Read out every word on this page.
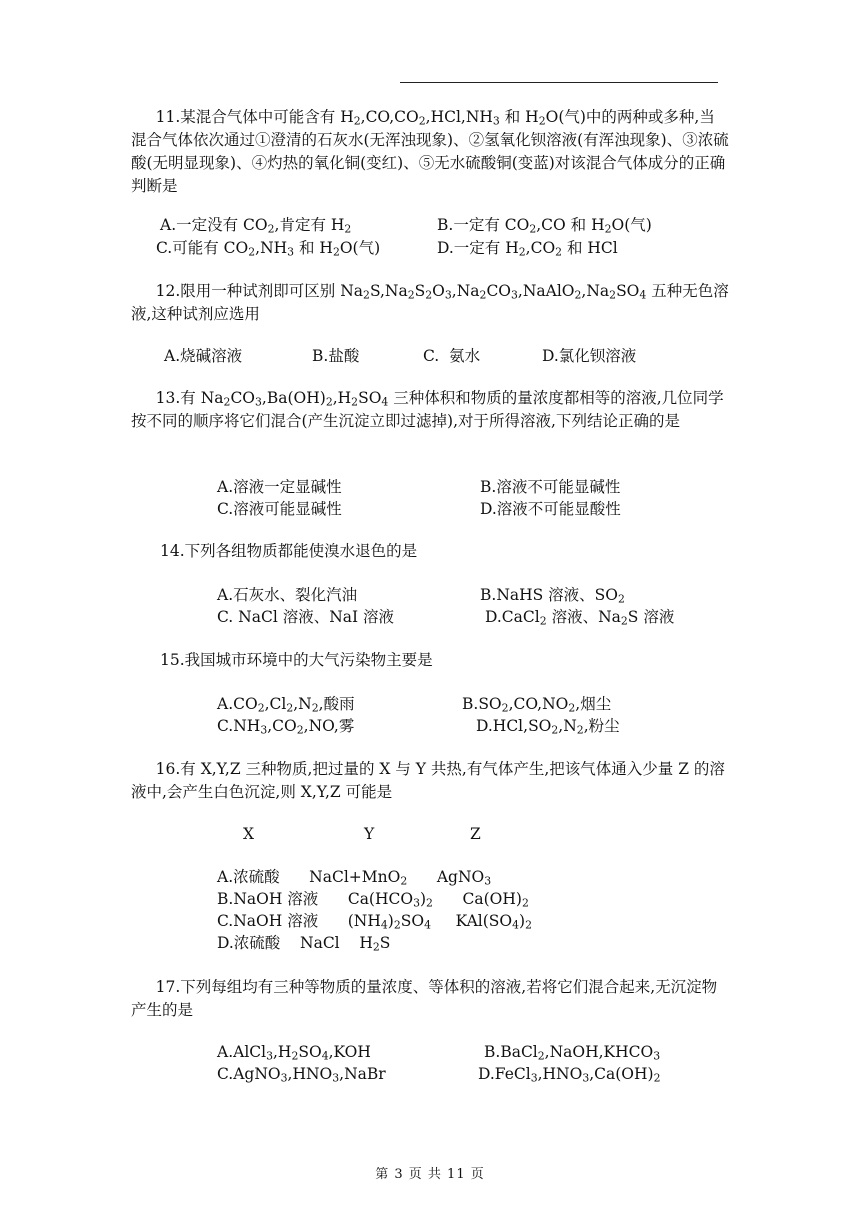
11.某混合气体中可能含有 $H_2,CO,CO_2,HCl,NH_3$ 和 $H_2O$(气)中的两种或多种,当混合气体依次通过①澄清的石灰水(无浑浊现象)、②氢氧化钡溶液(有浑浊现象)、③浓硫酸(无明显现象)、④灼热的氧化铜(变红)、⑤无水硫酸铜(变蓝)对该混合气体成分的正确判断是
A.一定没有 $CO_2$,肯定有 $H_2$	B.一定有 $CO_2,CO$ 和 $H_2O$(气)
C.可能有 $CO_2,NH_3$ 和 $H_2O$(气)	D.一定有 $H_2,CO_2$ 和 HCl
12.限用一种试剂即可区别 $Na_2S,Na_2S_2O_3,Na_2CO_3,NaAlO_2,Na_2SO_4$ 五种无色溶液,这种试剂应选用
A.烧碱溶液	B.盐酸	C.  氨水	D.氯化钡溶液
13.有 $Na_2CO_3,Ba(OH)_2,H_2SO_4$ 三种体积和物质的量浓度都相等的溶液,几位同学按不同的顺序将它们混合(产生沉淀立即过滤掉),对于所得溶液,下列结论正确的是
A.溶液一定显碱性	B.溶液不可能显碱性
C.溶液可能显碱性	D.溶液不可能显酸性
14.下列各组物质都能使溴水退色的是
A.石灰水、裂化汽油	B.NaHS 溶液、$SO_2$
C. NaCl 溶液、NaI 溶液	D.CaCl$_2$ 溶液、$Na_2S$ 溶液
15.我国城市环境中的大气污染物主要是
$A.CO_2,Cl_2,N_2$,酸雨	$B.SO_2,CO,NO_2$,烟尘
$C.NH_3,CO_2,NO$,雾	$D.HCl,SO_2,N_2$,粉尘
16.有 X,Y,Z 三种物质,把过量的 X 与 Y 共热,有气体产生,把该气体通入少量 Z 的溶液中,会产生白色沉淀,则 X,Y,Z 可能是
X	Y	Z
A.浓硫酸      NaCl+MnO$_2$      AgNO$_3$
B.NaOH 溶液      $Ca(HCO_3)_2$      $Ca(OH)_2$
C.NaOH 溶液      $(NH_4)_2SO_4$     $KAl(SO_4)_2$
D.浓硫酸    NaCl    $H_2S$
17.下列每组均有三种等物质的量浓度、等体积的溶液,若将它们混合起来,无沉淀物产生的是
$A.AlCl_3,H_2SO_4,KOH$	$B.BaCl_2,NaOH,KHCO_3$
$C.AgNO_3,HNO_3,NaBr$	$D.FeCl_3,HNO_3,Ca(OH)_2$
第 3 页 共 11 页
